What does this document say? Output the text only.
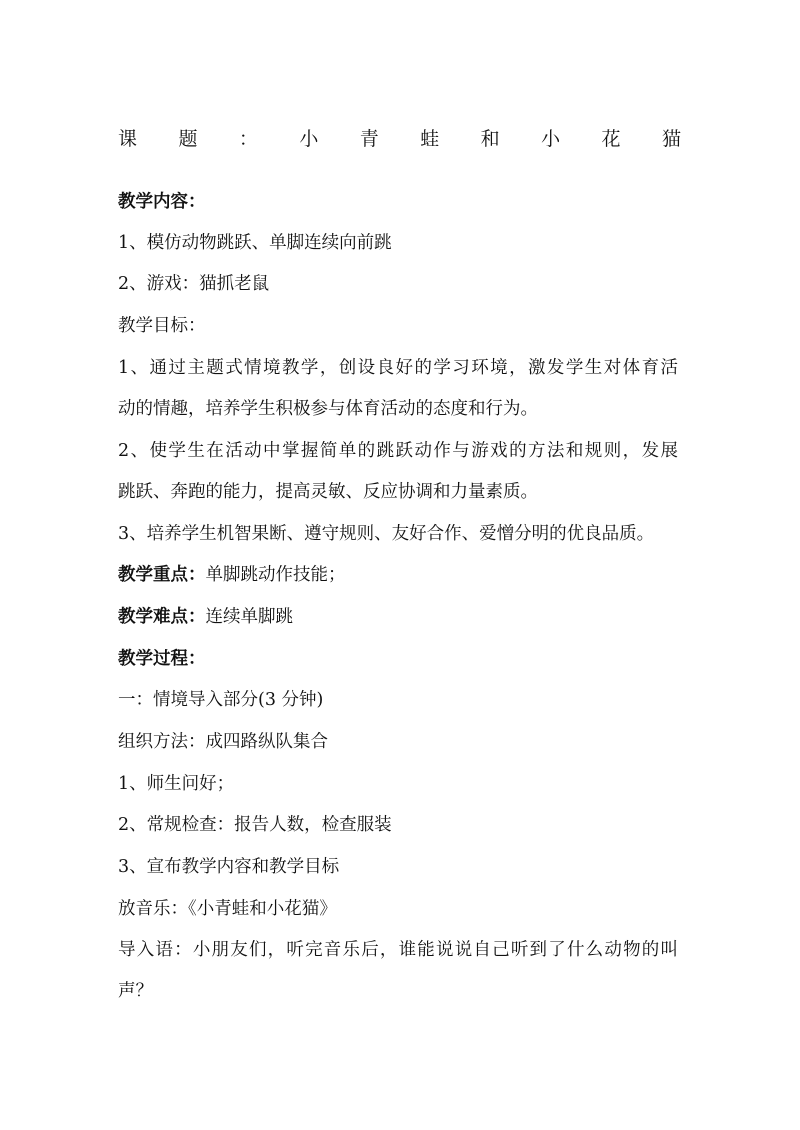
课 题 ： 小 青 蛙 和 小 花 猫
教学内容：
1、模仿动物跳跃、单脚连续向前跳
2、游戏：猫抓老鼠
教学目标：
1、通过主题式情境教学，创设良好的学习环境，激发学生对体育活
动的情趣，培养学生积极参与体育活动的态度和行为。
2、使学生在活动中掌握简单的跳跃动作与游戏的方法和规则，发展
跳跃、奔跑的能力，提高灵敏、反应协调和力量素质。
3、培养学生机智果断、遵守规则、友好合作、爱憎分明的优良品质。
教学重点：单脚跳动作技能；
教学难点：连续单脚跳
教学过程：
一：情境导入部分(3 分钟)
组织方法：成四路纵队集合
1、师生问好；
2、常规检查：报告人数，检查服装
3、宣布教学内容和教学目标
放音乐：《小青蛙和小花猫》
导入语：小朋友们，听完音乐后，谁能说说自己听到了什么动物的叫
声？
